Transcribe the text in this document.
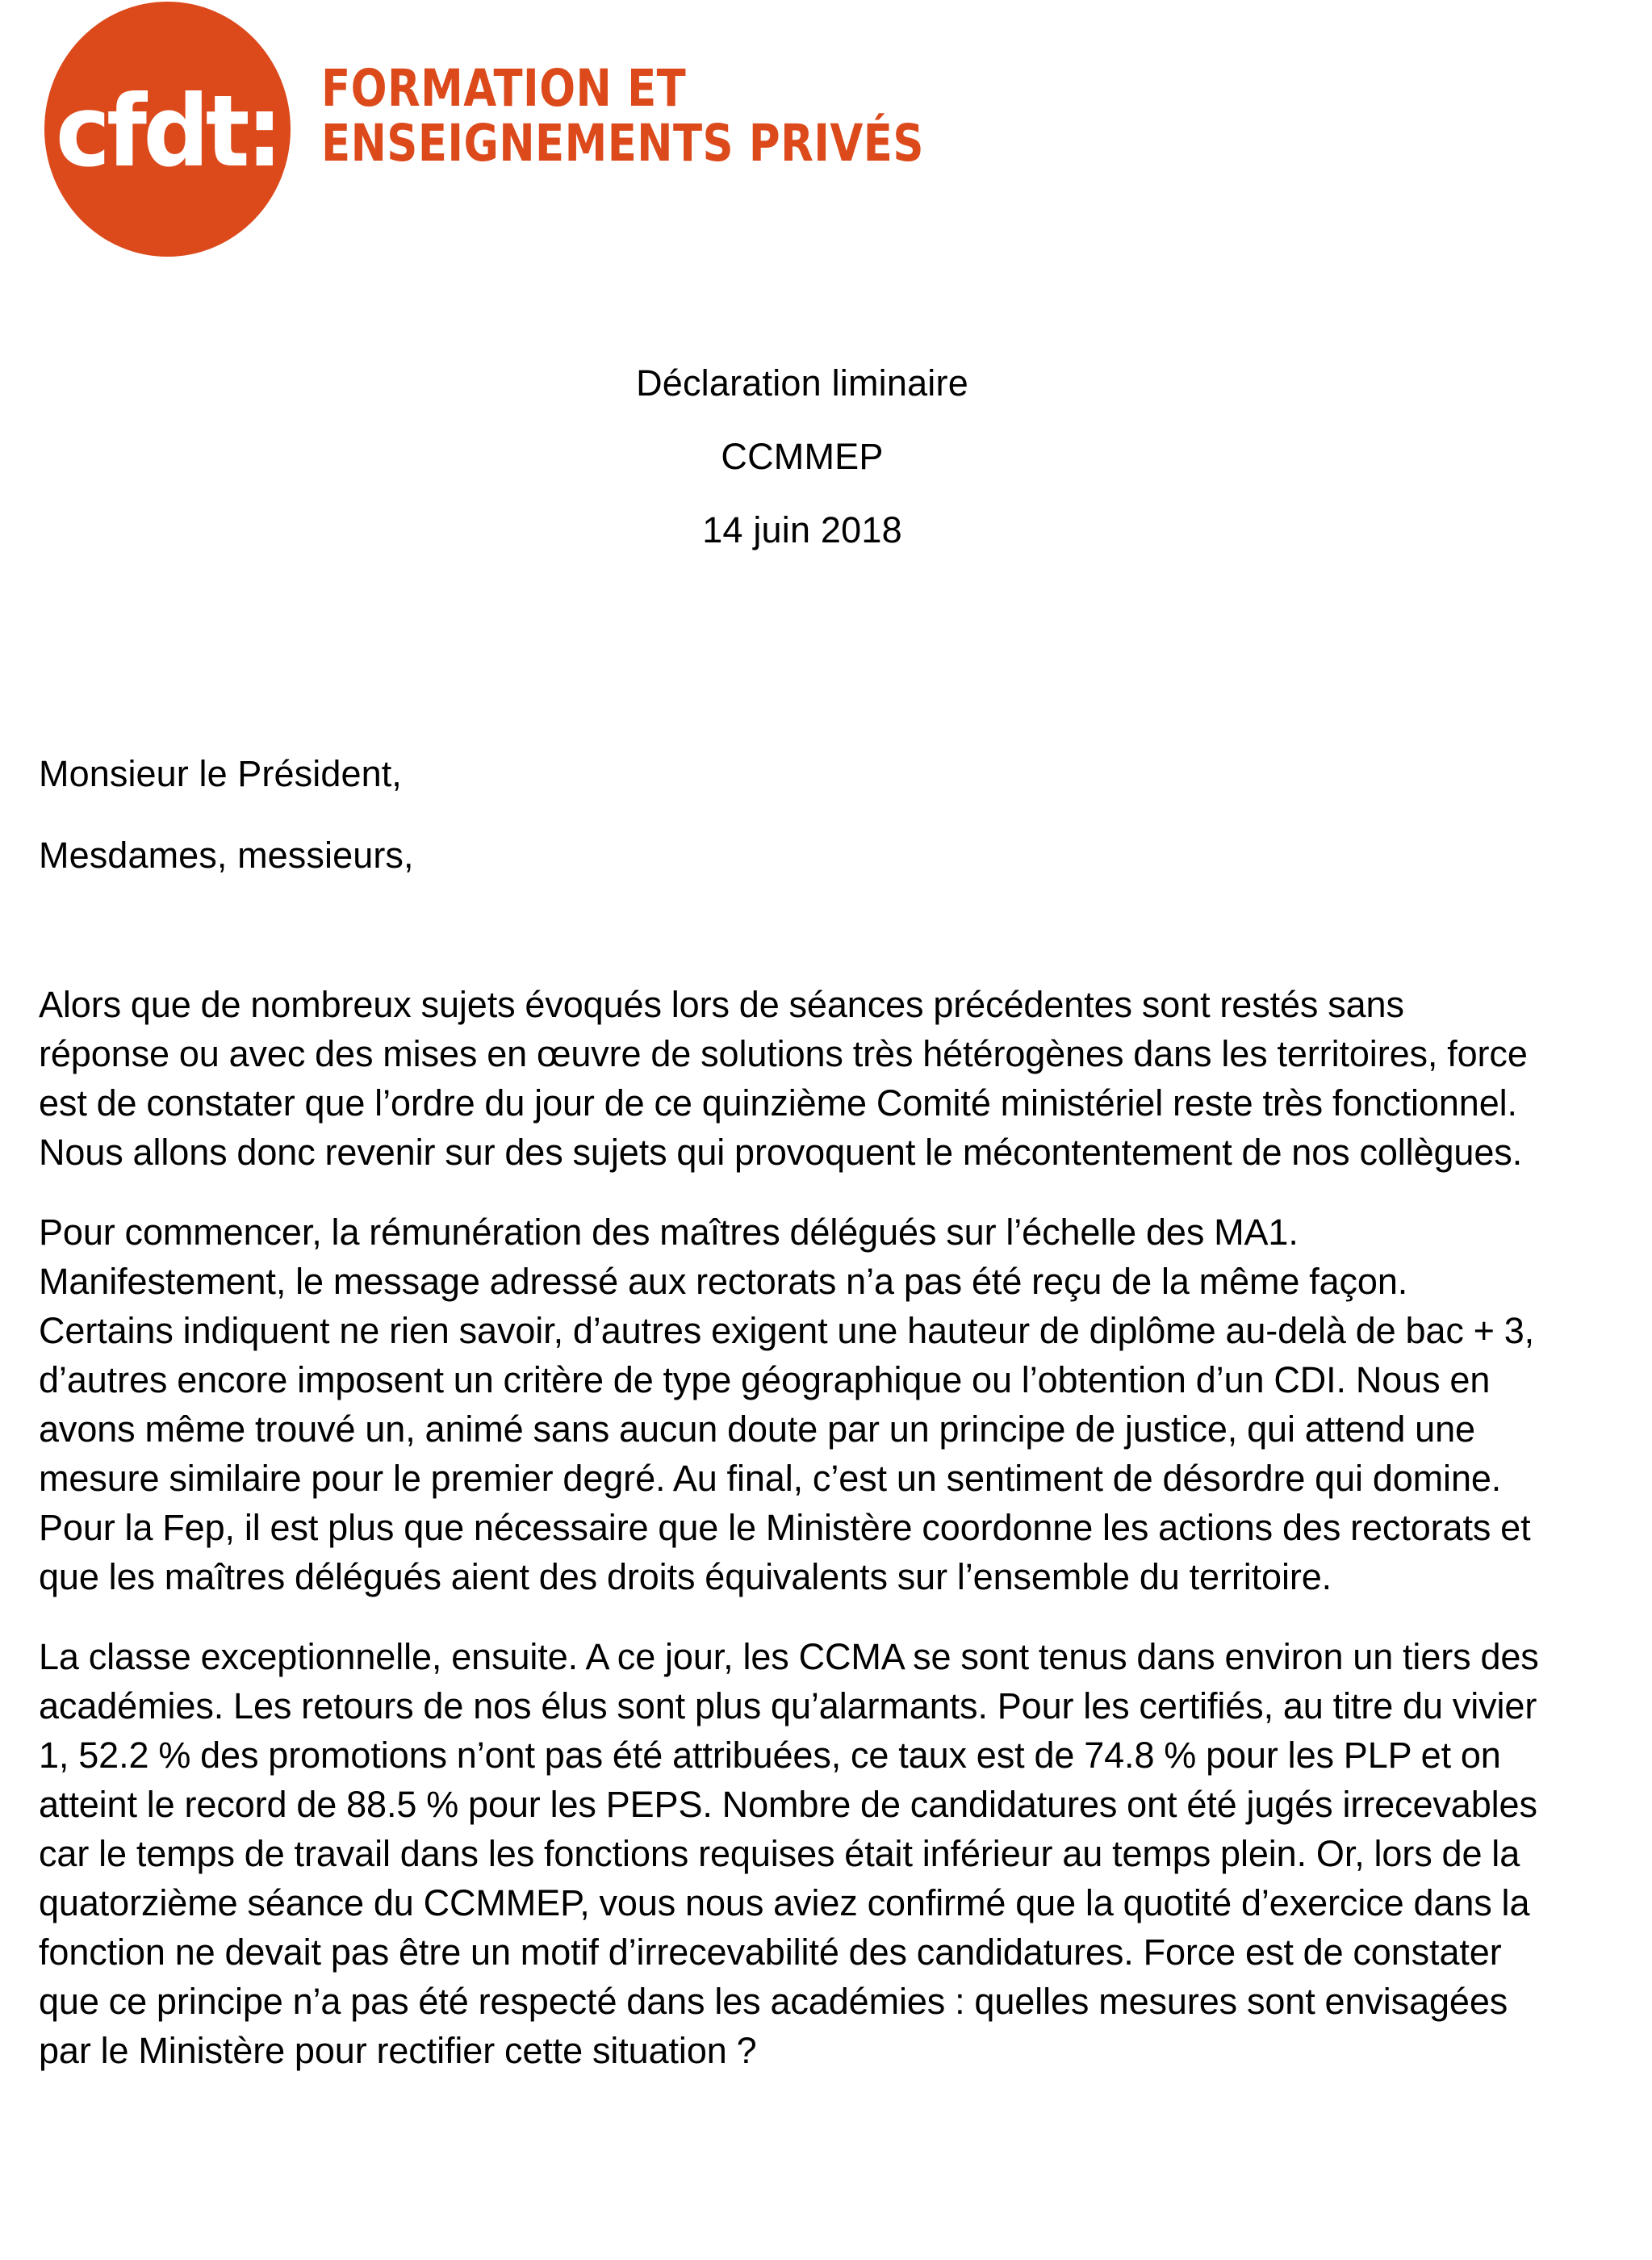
cfdt: FORMATION ET
ENSEIGNEMENTS PRIVÉS
Déclaration liminaire
CCMMEP
14 juin 2018

Monsieur le Président,

Mesdames, messieurs,

Alors que de nombreux sujets évoqués lors de séances précédentes sont restés sans réponse ou avec des mises en œuvre de solutions très hétérogènes dans les territoires, force est de constater que l’ordre du jour de ce quinzième Comité ministériel reste très fonctionnel. Nous allons donc revenir sur des sujets qui provoquent le mécontentement de nos collègues.

Pour commencer, la rémunération des maîtres délégués sur l’échelle des MA1. Manifestement, le message adressé aux rectorats n’a pas été reçu de la même façon. Certains indiquent ne rien savoir, d’autres exigent une hauteur de diplôme au-delà de bac + 3, d’autres encore imposent un critère de type géographique ou l’obtention d’un CDI. Nous en avons même trouvé un, animé sans aucun doute par un principe de justice, qui attend une mesure similaire pour le premier degré. Au final, c’est un sentiment de désordre qui domine. Pour la Fep, il est plus que nécessaire que le Ministère coordonne les actions des rectorats et que les maîtres délégués aient des droits équivalents sur l’ensemble du territoire.

La classe exceptionnelle, ensuite. A ce jour, les CCMA se sont tenus dans environ un tiers des académies. Les retours de nos élus sont plus qu’alarmants. Pour les certifiés, au titre du vivier 1, 52.2 % des promotions n’ont pas été attribuées, ce taux est de 74.8 % pour les PLP et on atteint le record de 88.5 % pour les PEPS. Nombre de candidatures ont été jugés irrecevables car le temps de travail dans les fonctions requises était inférieur au temps plein. Or, lors de la quatorzième séance du CCMMEP, vous nous aviez confirmé que la quotité d’exercice dans la fonction ne devait pas être un motif d’irrecevabilité des candidatures. Force est de constater que ce principe n’a pas été respecté dans les académies : quelles mesures sont envisagées par le Ministère pour rectifier cette situation ?
